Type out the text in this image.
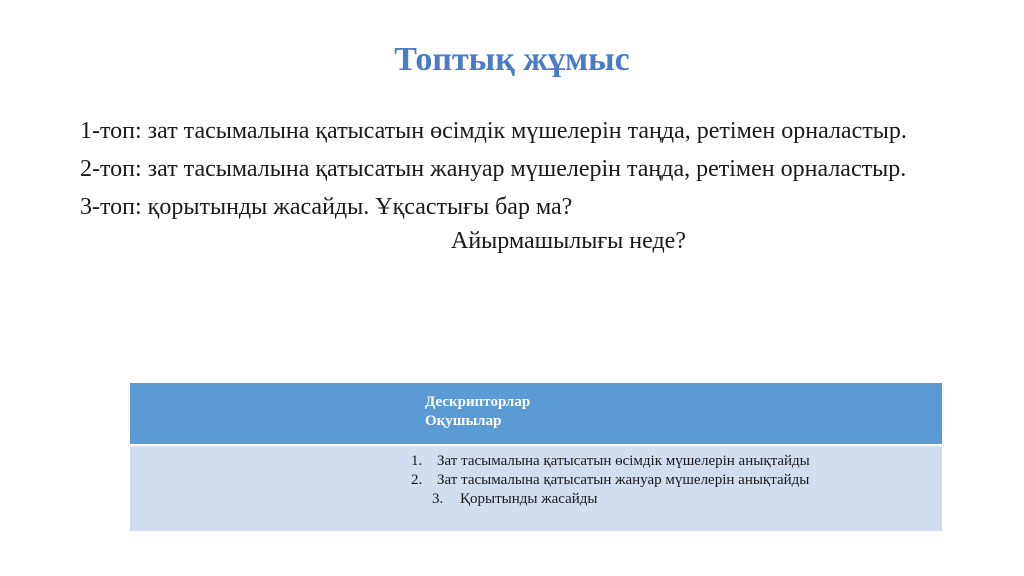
Топтық жұмыс

1-топ: зат тасымалына қатысатын өсімдік мүшелерін таңда, ретімен орналастыр.

2-топ: зат тасымалына қатысатын жануар мүшелерін таңда, ретімен орналастыр.

3-топ: қорытынды жасайды. Ұқсастығы бар ма?

Айырмашылығы неде?

Дескрипторлар
Оқушылар

1. Зат тасымалына қатысатын өсімдік мүшелерін анықтайды
2. Зат тасымалына қатысатын жануар мүшелерін анықтайды
3. Қорытынды жасайды
